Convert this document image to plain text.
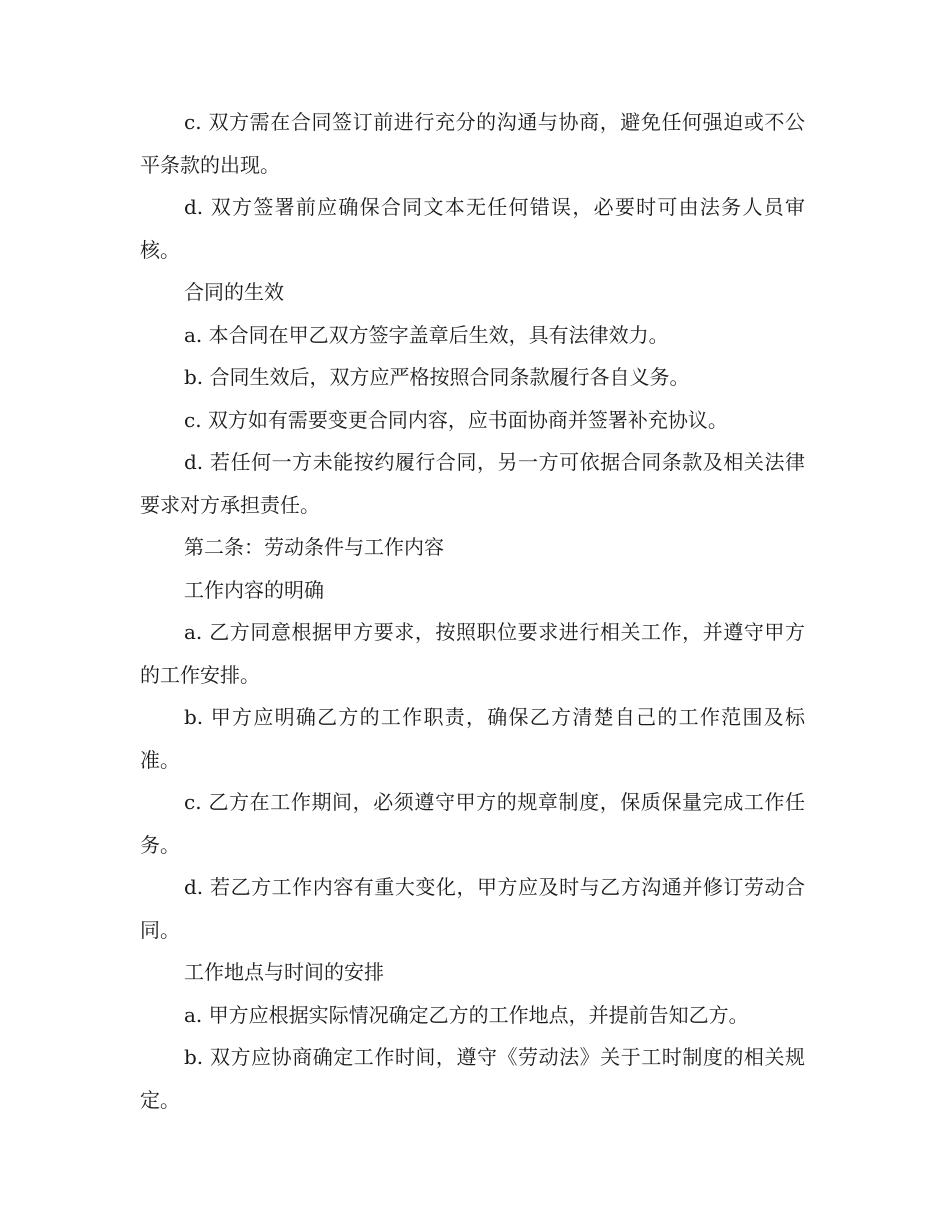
c. 双方需在合同签订前进行充分的沟通与协商，避免任何强迫或不公平条款的出现。

d. 双方签署前应确保合同文本无任何错误，必要时可由法务人员审核。

合同的生效

a. 本合同在甲乙双方签字盖章后生效，具有法律效力。

b. 合同生效后，双方应严格按照合同条款履行各自义务。

c. 双方如有需要变更合同内容，应书面协商并签署补充协议。

d. 若任何一方未能按约履行合同，另一方可依据合同条款及相关法律要求对方承担责任。

第二条：劳动条件与工作内容

工作内容的明确

a. 乙方同意根据甲方要求，按照职位要求进行相关工作，并遵守甲方的工作安排。

b. 甲方应明确乙方的工作职责，确保乙方清楚自己的工作范围及标准。

c. 乙方在工作期间，必须遵守甲方的规章制度，保质保量完成工作任务。

d. 若乙方工作内容有重大变化，甲方应及时与乙方沟通并修订劳动合同。

工作地点与时间的安排

a. 甲方应根据实际情况确定乙方的工作地点，并提前告知乙方。

b. 双方应协商确定工作时间，遵守《劳动法》关于工时制度的相关规定。
